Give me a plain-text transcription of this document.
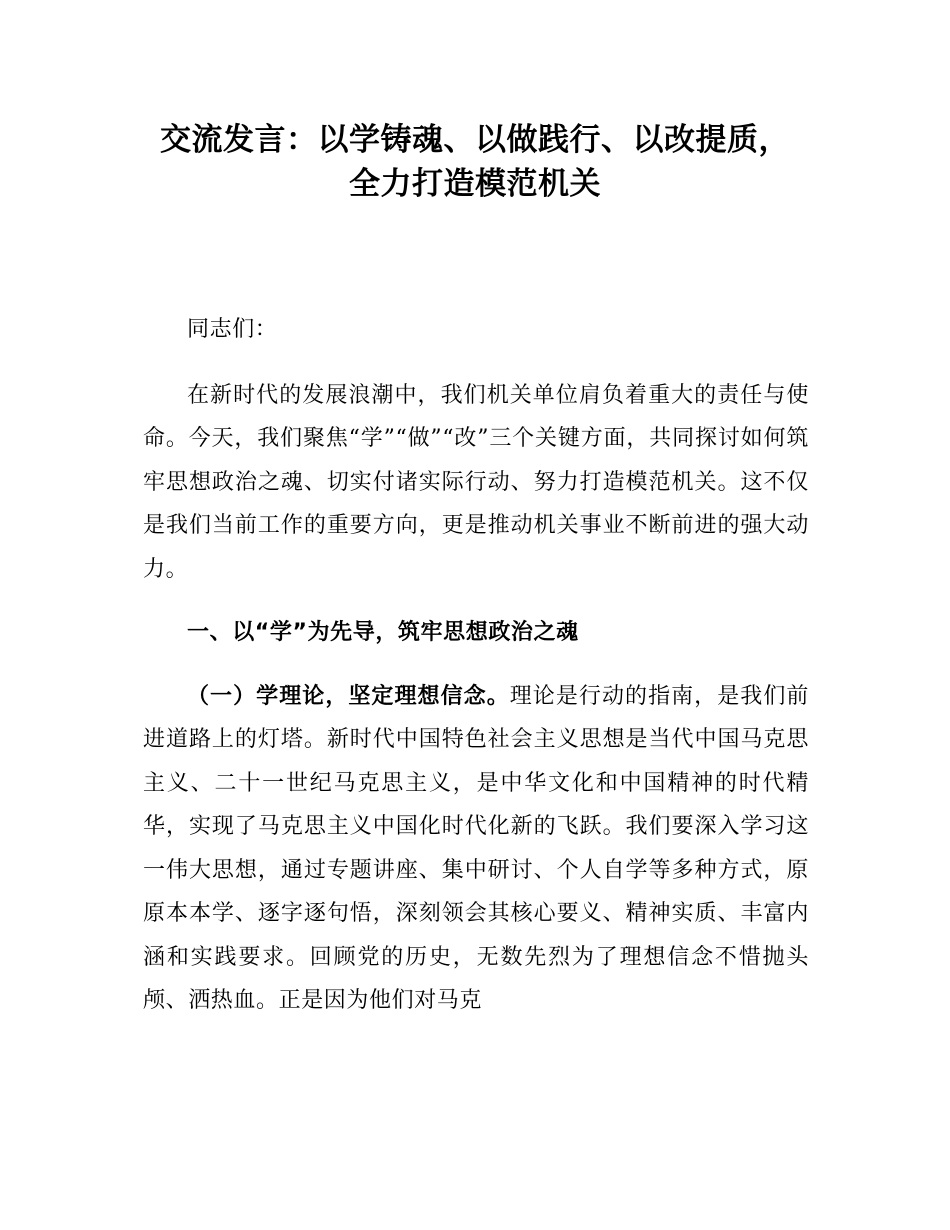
交流发言：以学铸魂、以做践行、以改提质，
全力打造模范机关

同志们：

在新时代的发展浪潮中，我们机关单位肩负着重大的责任与使命。今天，我们聚焦“学”“做”“改”三个关键方面，共同探讨如何筑牢思想政治之魂、切实付诸实际行动、努力打造模范机关。这不仅是我们当前工作的重要方向，更是推动机关事业不断前进的强大动力。

一、以“学”为先导，筑牢思想政治之魂

（一）学理论，坚定理想信念。理论是行动的指南，是我们前进道路上的灯塔。新时代中国特色社会主义思想是当代中国马克思主义、二十一世纪马克思主义，是中华文化和中国精神的时代精华，实现了马克思主义中国化时代化新的飞跃。我们要深入学习这一伟大思想，通过专题讲座、集中研讨、个人自学等多种方式，原原本本学、逐字逐句悟，深刻领会其核心要义、精神实质、丰富内涵和实践要求。回顾党的历史，无数先烈为了理想信念不惜抛头颅、洒热血。正是因为他们对马克
